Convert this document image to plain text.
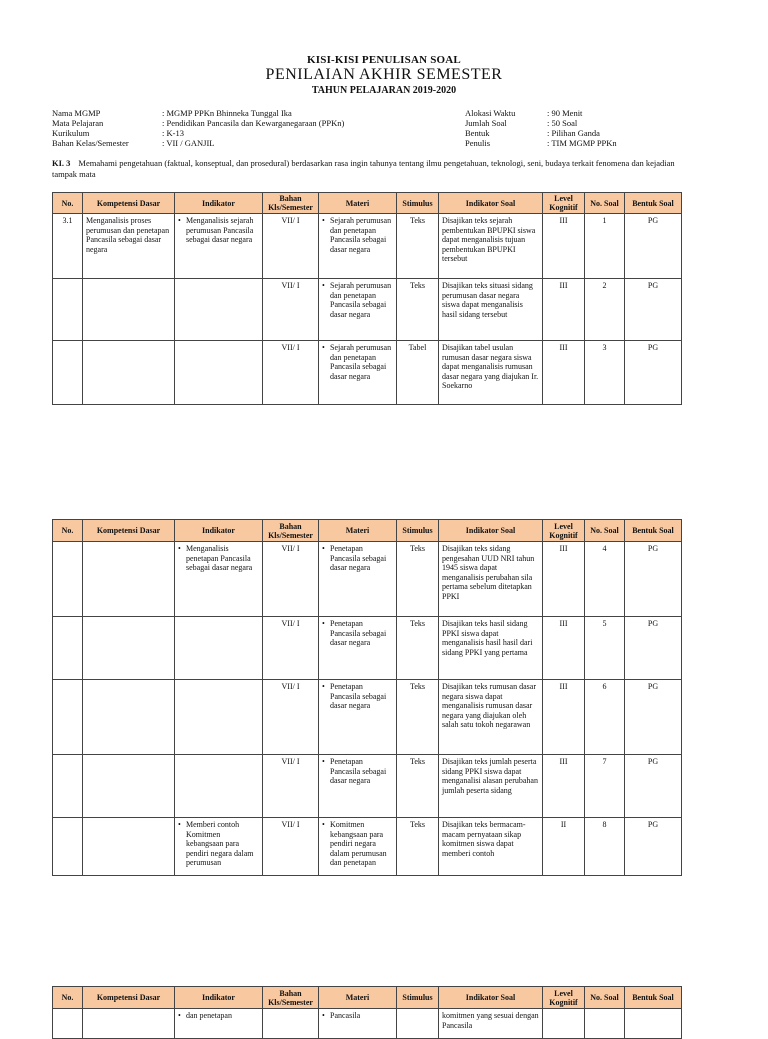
KISI-KISI PENULISAN SOAL
PENILAIAN AKHIR SEMESTER
TAHUN PELAJARAN 2019-2020
Nama MGMP	: MGMP PPKn Bhinneka Tunggal Ika
Mata Pelajaran	: Pendidikan Pancasila dan Kewarganegaraan (PPKn)
Kurikulum	: K-13
Bahan Kelas/Semester	: VII / GANJIL
Alokasi Waktu	: 90 Menit
Jumlah Soal	: 50 Soal
Bentuk	: Pilihan Ganda
Penulis	: TIM MGMP PPKn
KI. 3 Memahami pengetahuan (faktual, konseptual, dan prosedural) berdasarkan rasa ingin tahunya tentang ilmu pengetahuan, teknologi, seni, budaya terkait fenomena dan kejadian tampak mata
No.	Kompetensi Dasar	Indikator	Bahan Kls/Semester	Materi	Stimulus	Indikator Soal	Level Kognitif	No. Soal	Bentuk Soal
3.1	Menganalisis proses perumusan dan penetapan Pancasila sebagai dasar negara	• Menganalisis sejarah perumusan Pancasila sebagai dasar negara	VII/ I	• Sejarah perumusan dan penetapan Pancasila sebagai dasar negara	Teks	Disajikan teks sejarah pembentukan BPUPKI siswa dapat menganalisis tujuan pembentukan BPUPKI tersebut	III	1	PG
			VII/ I	• Sejarah perumusan dan penetapan Pancasila sebagai dasar negara	Teks	Disajikan teks situasi sidang perumusan dasar negara siswa dapat menganalisis hasil sidang tersebut	III	2	PG
			VII/ I	• Sejarah perumusan dan penetapan Pancasila sebagai dasar negara	Tabel	Disajikan tabel usulan rumusan dasar negara siswa dapat menganalisis rumusan dasar negara yang diajukan Ir. Soekarno	III	3	PG
No.	Kompetensi Dasar	Indikator	Bahan Kls/Semester	Materi	Stimulus	Indikator Soal	Level Kognitif	No. Soal	Bentuk Soal

		• Menganalisis penetapan Pancasila sebagai dasar negara	VII/ I	• Penetapan Pancasila sebagai dasar negara	Teks	Disajikan teks sidang pengesahan UUD NRI tahun 1945 siswa dapat menganalisis perubahan sila pertama sebelum ditetapkan PPKI	III	4	PG
			VII/ I	• Penetapan Pancasila sebagai dasar negara	Teks	Disajikan teks hasil sidang PPKI siswa dapat menganalisis hasil hasil dari sidang PPKI yang pertama	III	5	PG
			VII/ I	• Penetapan Pancasila sebagai dasar negara	Teks	Disajikan teks rumusan dasar negara siswa dapat menganalisis rumusan dasar negara yang diajukan oleh salah satu tokoh negarawan	III	6	PG
			VII/ I	• Penetapan Pancasila sebagai dasar negara	Teks	Disajikan teks jumlah peserta sidang PPKI siswa dapat menganalisi alasan perubahan jumlah peserta sidang	III	7	PG

		• Memberi contoh Komitmen kebangsaan para pendiri negara dalam perumusan	VII/ I	• Komitmen kebangsaan para pendiri negara dalam perumusan dan penetapan	Teks	Disajikan teks bermacam-macam pernyataan sikap komitmen siswa dapat memberi contoh	II	8	PG
No.	Kompetensi Dasar	Indikator	Bahan Kls/Semester	Materi	Stimulus	Indikator Soal	Level Kognitif	No. Soal	Bentuk Soal

		• dan penetapan		• Pancasila		komitmen yang sesuai dengan Pancasila			
